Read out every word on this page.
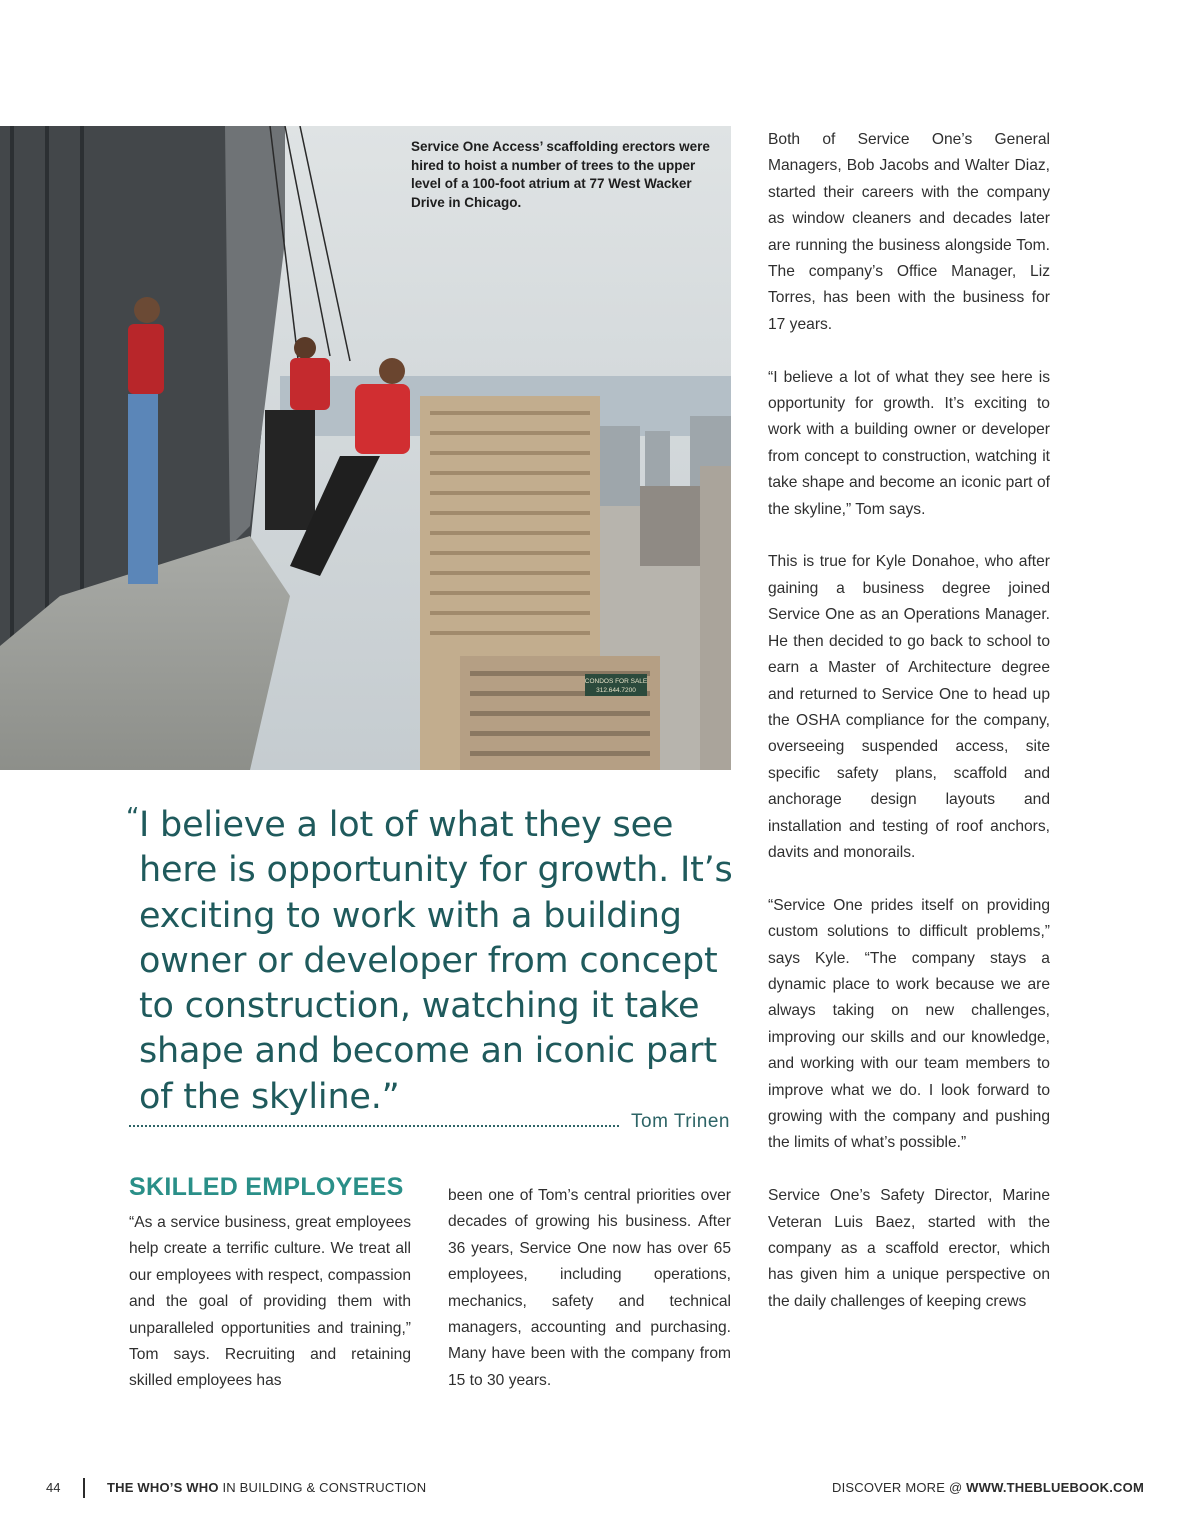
CONDOS FOR SALE
312.644.7200

Service One Access’ scaffolding erectors were hired to hoist a number of trees to the upper level of a 100-foot atrium at 77 West Wacker Drive in Chicago.

Both of Service One’s General Managers, Bob Jacobs and Walter Diaz, started their careers with the company as window cleaners and decades later are running the business alongside Tom. The company’s Office Manager, Liz Torres, has been with the business for 17 years.

“I believe a lot of what they see here is opportunity for growth. It’s exciting to work with a building owner or developer from concept to construction, watching it take shape and become an iconic part of the skyline,” Tom says.

This is true for Kyle Donahoe, who after gaining a business degree joined Service One as an Operations Manager. He then decided to go back to school to earn a Master of Architecture degree and returned to Service One to head up the OSHA compliance for the company, overseeing suspended access, site specific safety plans, scaffold and anchorage design layouts and installation and testing of roof anchors, davits and monorails.

“Service One prides itself on providing custom solutions to difficult problems,” says Kyle. “The company stays a dynamic place to work because we are always taking on new challenges, improving our skills and our knowledge, and working with our team members to improve what we do. I look forward to growing with the company and pushing the limits of what’s possible.”

Service One’s Safety Director, Marine Veteran Luis Baez, started with the company as a scaffold erector, which has given him a unique perspective on the daily challenges of keeping crews

“ I believe a lot of what they see here is opportunity for growth. It’s exciting to work with a building owner or developer from concept to construction, watching it take shape and become an iconic part of the skyline.”

Tom Trinen
SKILLED EMPLOYEES

“As a service business, great employees help create a terrific culture. We treat all our employees with respect, compassion and the goal of providing them with unparalleled opportunities and training,” Tom says. Recruiting and retaining skilled employees has

been one of Tom’s central priorities over decades of growing his business. After 36 years, Service One now has over 65 employees, including operations, mechanics, safety and technical managers, accounting and purchasing. Many have been with the company from 15 to 30 years.

44	THE WHO’S WHO IN BUILDING & CONSTRUCTION	DISCOVER MORE @ WWW.THEBLUEBOOK.COM
